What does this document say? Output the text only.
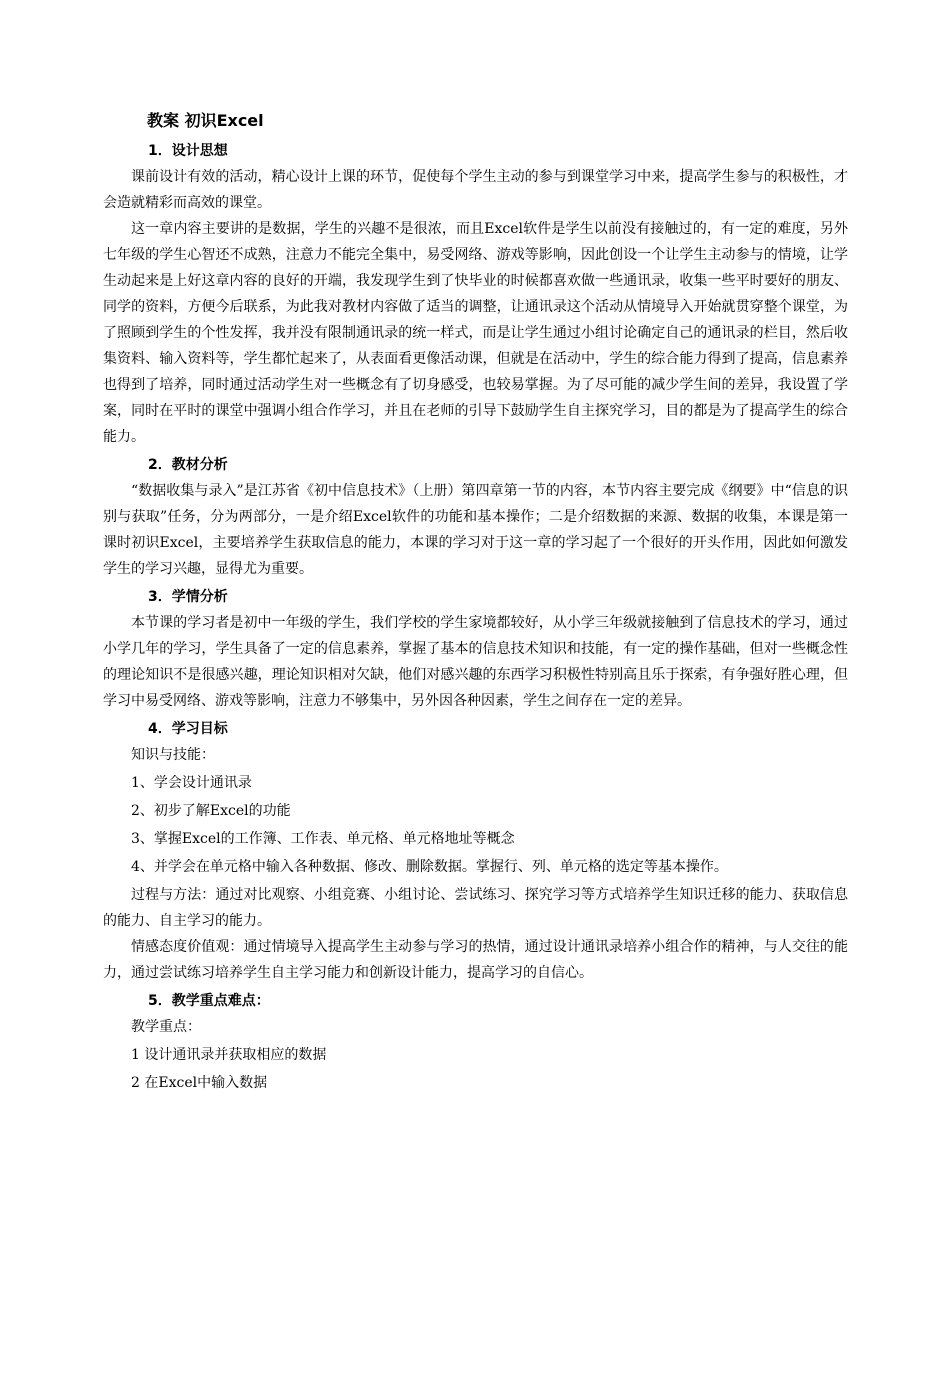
教案 初识Excel
1．设计思想

课前设计有效的活动，精心设计上课的环节，促使每个学生主动的参与到课堂学习中来，提高学生参与的积极性，才会造就精彩而高效的课堂。

这一章内容主要讲的是数据，学生的兴趣不是很浓，而且Excel软件是学生以前没有接触过的，有一定的难度，另外七年级的学生心智还不成熟，注意力不能完全集中，易受网络、游戏等影响，因此创设一个让学生主动参与的情境，让学生动起来是上好这章内容的良好的开端，我发现学生到了快毕业的时候都喜欢做一些通讯录，收集一些平时要好的朋友、同学的资料，方便今后联系，为此我对教材内容做了适当的调整，让通讯录这个活动从情境导入开始就贯穿整个课堂，为了照顾到学生的个性发挥，我并没有限制通讯录的统一样式，而是让学生通过小组讨论确定自己的通讯录的栏目，然后收集资料、输入资料等，学生都忙起来了，从表面看更像活动课，但就是在活动中，学生的综合能力得到了提高，信息素养也得到了培养，同时通过活动学生对一些概念有了切身感受，也较易掌握。为了尽可能的减少学生间的差异，我设置了学案，同时在平时的课堂中强调小组合作学习，并且在老师的引导下鼓励学生自主探究学习，目的都是为了提高学生的综合能力。

2．教材分析

“数据收集与录入”是江苏省《初中信息技术》（上册）第四章第一节的内容，本节内容主要完成《纲要》中“信息的识别与获取”任务，分为两部分，一是介绍Excel软件的功能和基本操作；二是介绍数据的来源、数据的收集，本课是第一课时初识Excel，主要培养学生获取信息的能力，本课的学习对于这一章的学习起了一个很好的开头作用，因此如何激发学生的学习兴趣，显得尤为重要。

3．学情分析

本节课的学习者是初中一年级的学生，我们学校的学生家境都较好，从小学三年级就接触到了信息技术的学习，通过小学几年的学习，学生具备了一定的信息素养，掌握了基本的信息技术知识和技能，有一定的操作基础，但对一些概念性的理论知识不是很感兴趣，理论知识相对欠缺，他们对感兴趣的东西学习积极性特别高且乐于探索，有争强好胜心理，但学习中易受网络、游戏等影响，注意力不够集中，另外因各种因素，学生之间存在一定的差异。

4．学习目标
知识与技能：
1、学会设计通讯录
2、初步了解Excel的功能
3、掌握Excel的工作簿、工作表、单元格、单元格地址等概念
4、并学会在单元格中输入各种数据、修改、删除数据。掌握行、列、单元格的选定等基本操作。

过程与方法：通过对比观察、小组竞赛、小组讨论、尝试练习、探究学习等方式培养学生知识迁移的能力、获取信息的能力、自主学习的能力。

情感态度价值观：通过情境导入提高学生主动参与学习的热情，通过设计通讯录培养小组合作的精神，与人交往的能力，通过尝试练习培养学生自主学习能力和创新设计能力，提高学习的自信心。

5．教学重点难点：
教学重点：
1 设计通讯录并获取相应的数据
2 在Excel中输入数据
